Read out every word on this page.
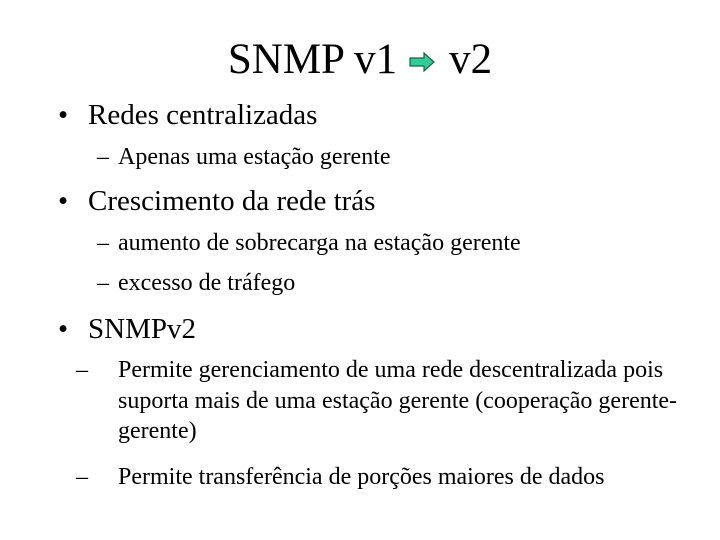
SNMP v1 v2
• Redes centralizadas
– Apenas uma estação gerente
• Crescimento da rede trás
– aumento de sobrecarga na estação gerente
– excesso de tráfego
• SNMPv2
– Permite gerenciamento de uma rede descentralizada pois suporta mais de uma estação gerente (cooperação gerente-gerente)
– Permite transferência de porções maiores de dados
